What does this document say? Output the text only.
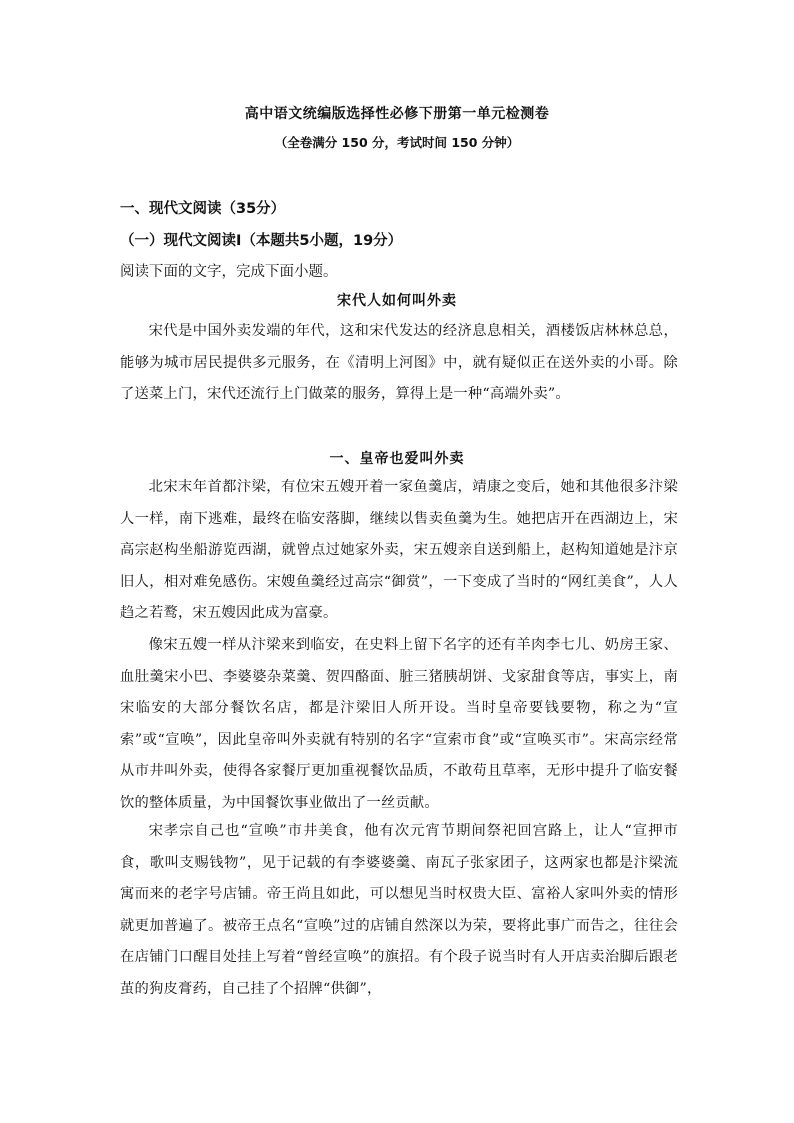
高中语文统编版选择性必修下册第一单元检测卷
（全卷满分 150 分，考试时间 150 分钟）
一、现代文阅读（35分）
（一）现代文阅读Ⅰ（本题共5小题，19分）
阅读下面的文字，完成下面小题。
宋代人如何叫外卖

宋代是中国外卖发端的年代，这和宋代发达的经济息息相关，酒楼饭店林林总总，能够为城市居民提供多元服务，在《清明上河图》中，就有疑似正在送外卖的小哥。除了送菜上门，宋代还流行上门做菜的服务，算得上是一种“高端外卖”。

一、皇帝也爱叫外卖

北宋末年首都汴梁，有位宋五嫂开着一家鱼羹店，靖康之变后，她和其他很多汴梁人一样，南下逃难，最终在临安落脚，继续以售卖鱼羹为生。她把店开在西湖边上，宋高宗赵构坐船游览西湖，就曾点过她家外卖，宋五嫂亲自送到船上，赵构知道她是汴京旧人，相对难免感伤。宋嫂鱼羹经过高宗“御赏”，一下变成了当时的“网红美食”，人人趋之若鹜，宋五嫂因此成为富豪。

像宋五嫂一样从汴梁来到临安，在史料上留下名字的还有羊肉李七儿、奶房王家、血肚羹宋小巴、李婆婆杂菜羹、贺四酪面、脏三猪胰胡饼、戈家甜食等店，事实上，南宋临安的大部分餐饮名店，都是汴梁旧人所开设。当时皇帝要钱要物，称之为“宣索”或“宣唤”，因此皇帝叫外卖就有特别的名字“宣索市食”或“宣唤买市”。宋高宗经常从市井叫外卖，使得各家餐厅更加重视餐饮品质，不敢苟且草率，无形中提升了临安餐饮的整体质量，为中国餐饮事业做出了一丝贡献。

宋孝宗自己也“宣唤”市井美食，他有次元宵节期间祭祀回宫路上，让人“宣押市食，歌叫支赐钱物”，见于记载的有李婆婆羹、南瓦子张家团子，这两家也都是汴梁流寓而来的老字号店铺。帝王尚且如此，可以想见当时权贵大臣、富裕人家叫外卖的情形就更加普遍了。被帝王点名“宣唤”过的店铺自然深以为荣，要将此事广而告之，往往会在店铺门口醒目处挂上写着“曾经宣唤”的旗招。有个段子说当时有人开店卖治脚后跟老茧的狗皮膏药，自己挂了个招牌“供御”，
